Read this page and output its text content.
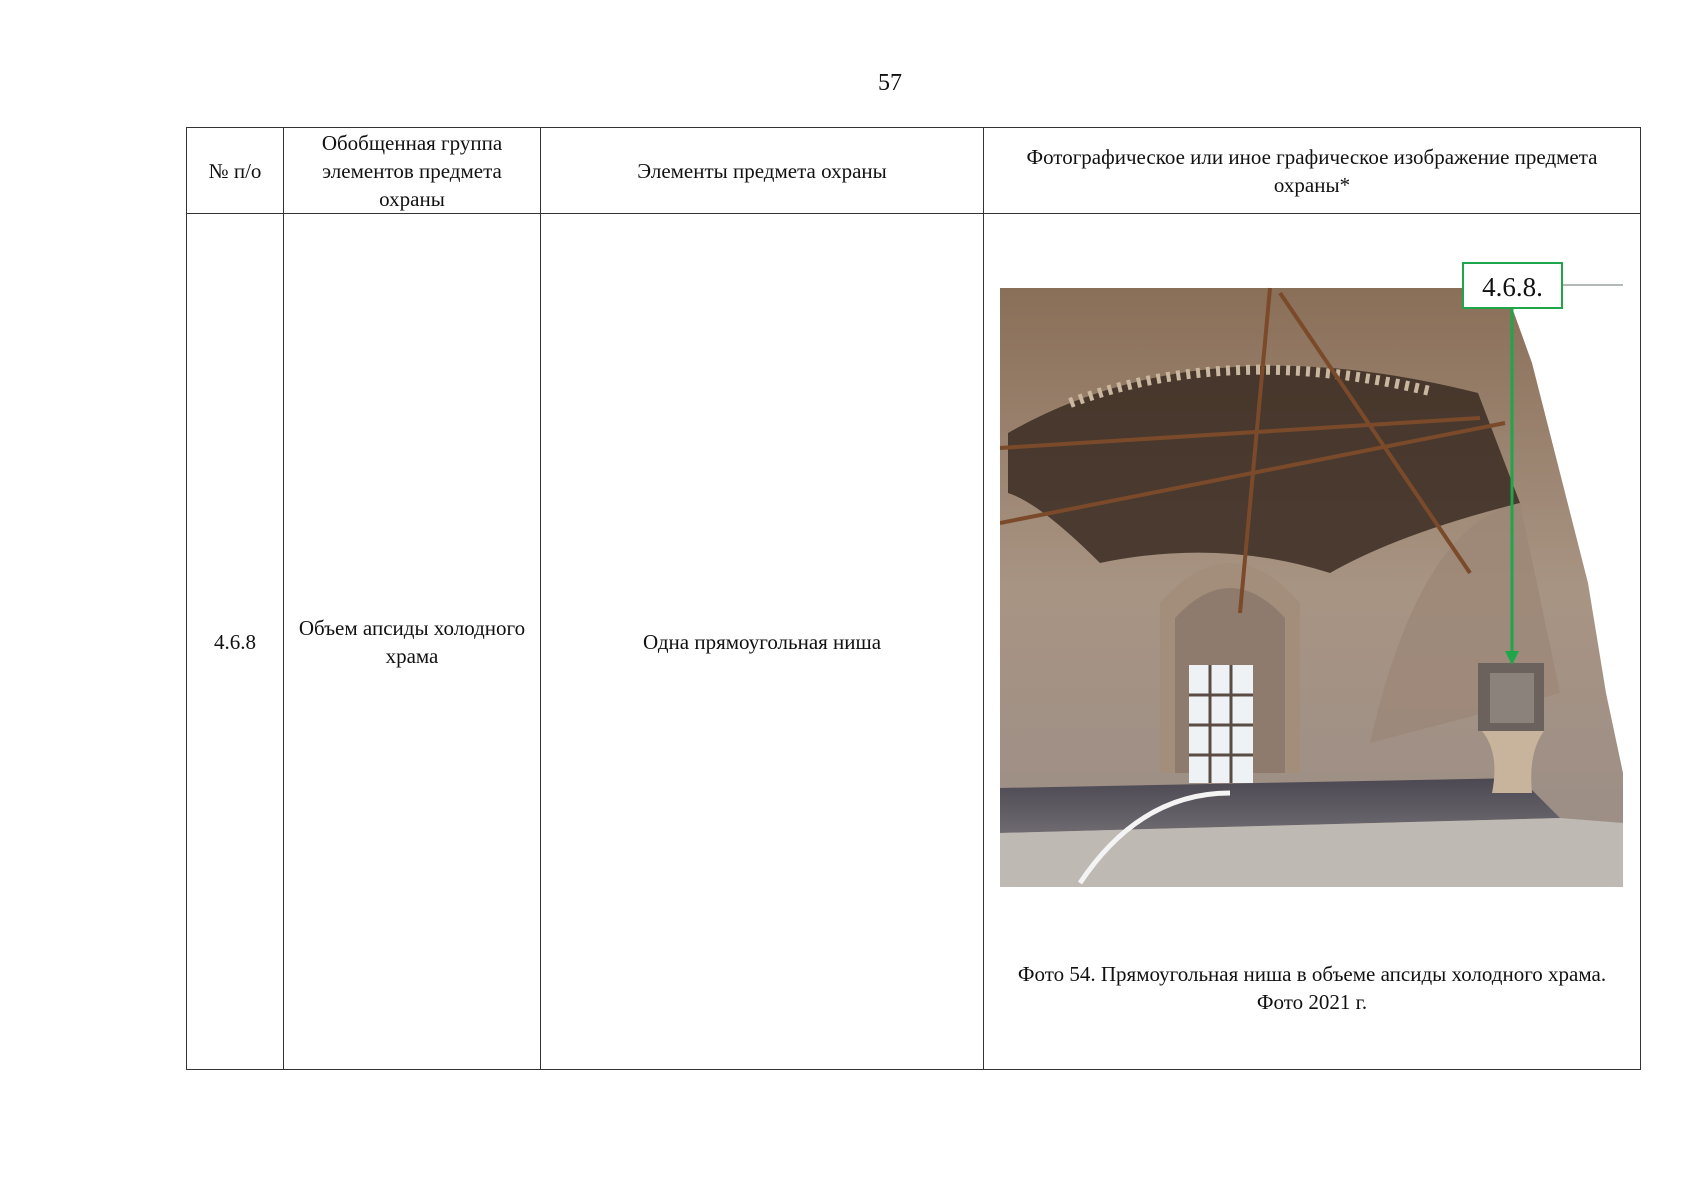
57
№ п/о	Обобщенная группа элементов предмета охраны	Элементы предмета охраны	Фотографическое или иное графическое изображение предмета охраны*
4.6.8	Объем апсиды холодного храма	Одна прямоугольная ниша	4.6.8.
Фото 54. Прямоугольная ниша в объеме апсиды холодного храма.
Фото 2021 г.
